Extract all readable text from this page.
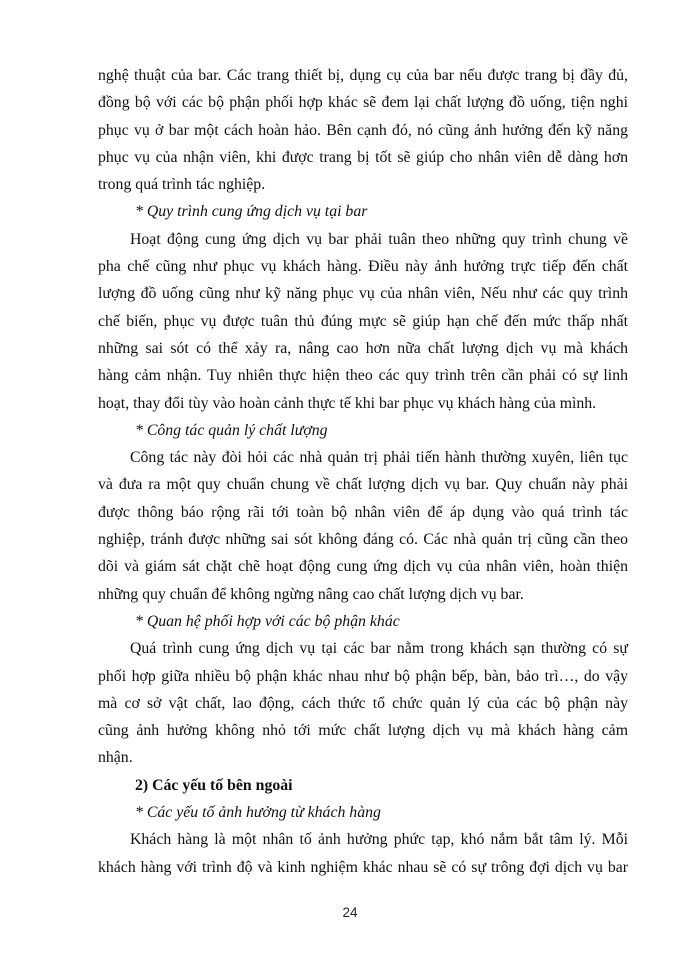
nghệ thuật của bar. Các trang thiết bị, dụng cụ của bar nếu được trang bị đầy đủ,

đồng bộ với các bộ phận phối hợp khác sẽ đem lại chất lượng đồ uống, tiện nghi

phục vụ ở bar một cách hoàn hảo. Bên cạnh đó, nó cũng ảnh hưởng đến kỹ năng

phục vụ của nhận viên, khi được trang bị tốt sẽ giúp cho nhân viên dễ dàng hơn

trong quá trình tác nghiệp.

* Quy trình cung ứng dịch vụ tại bar

Hoạt động cung ứng dịch vụ bar phải tuân theo những quy trình chung về

pha chế cũng như phục vụ khách hàng. Điều này ảnh hưởng trực tiếp đến chất

lượng đồ uống cũng như kỹ năng phục vụ của nhân viên, Nếu như các quy trình

chế biến, phục vụ được tuân thủ đúng mực sẽ giúp hạn chế đến mức thấp nhất

những sai sót có thể xảy ra, nâng cao hơn nữa chất lượng dịch vụ mà khách

hàng cảm nhận. Tuy nhiên thực hiện theo các quy trình trên cần phải có sự linh

hoạt, thay đổi tùy vào hoàn cảnh thực tế khi bar phục vụ khách hàng của mình.

* Công tác quản lý chất lượng

Công tác này đòi hỏi các nhà quản trị phải tiến hành thường xuyên, liên tục

và đưa ra một quy chuẩn chung về chất lượng dịch vụ bar. Quy chuẩn này phải

được thông báo rộng rãi tới toàn bộ nhân viên để áp dụng vào quá trình tác

nghiệp, tránh được những sai sót không đáng có. Các nhà quản trị cũng cần theo

dõi và giám sát chặt chẽ hoạt động cung ứng dịch vụ của nhân viên, hoàn thiện

những quy chuẩn để không ngừng nâng cao chất lượng dịch vụ bar.

* Quan hệ phối hợp với các bộ phận khác

Quá trình cung ứng dịch vụ tại các bar nằm trong khách sạn thường có sự

phối hợp giữa nhiều bộ phận khác nhau như bộ phận bếp, bàn, bảo trì…, do vậy

mà cơ sở vật chất, lao động, cách thức tổ chức quản lý của các bộ phận này

cũng ảnh hưởng không nhỏ tới mức chất lượng dịch vụ mà khách hàng cảm

nhận.

2) Các yếu tố bên ngoài

* Các yếu tố ảnh hưởng từ khách hàng

Khách hàng là một nhân tố ảnh hưởng phức tạp, khó nắm bắt tâm lý. Mỗi

khách hàng với trình độ và kinh nghiệm khác nhau sẽ có sự trông đợi dịch vụ bar

24
